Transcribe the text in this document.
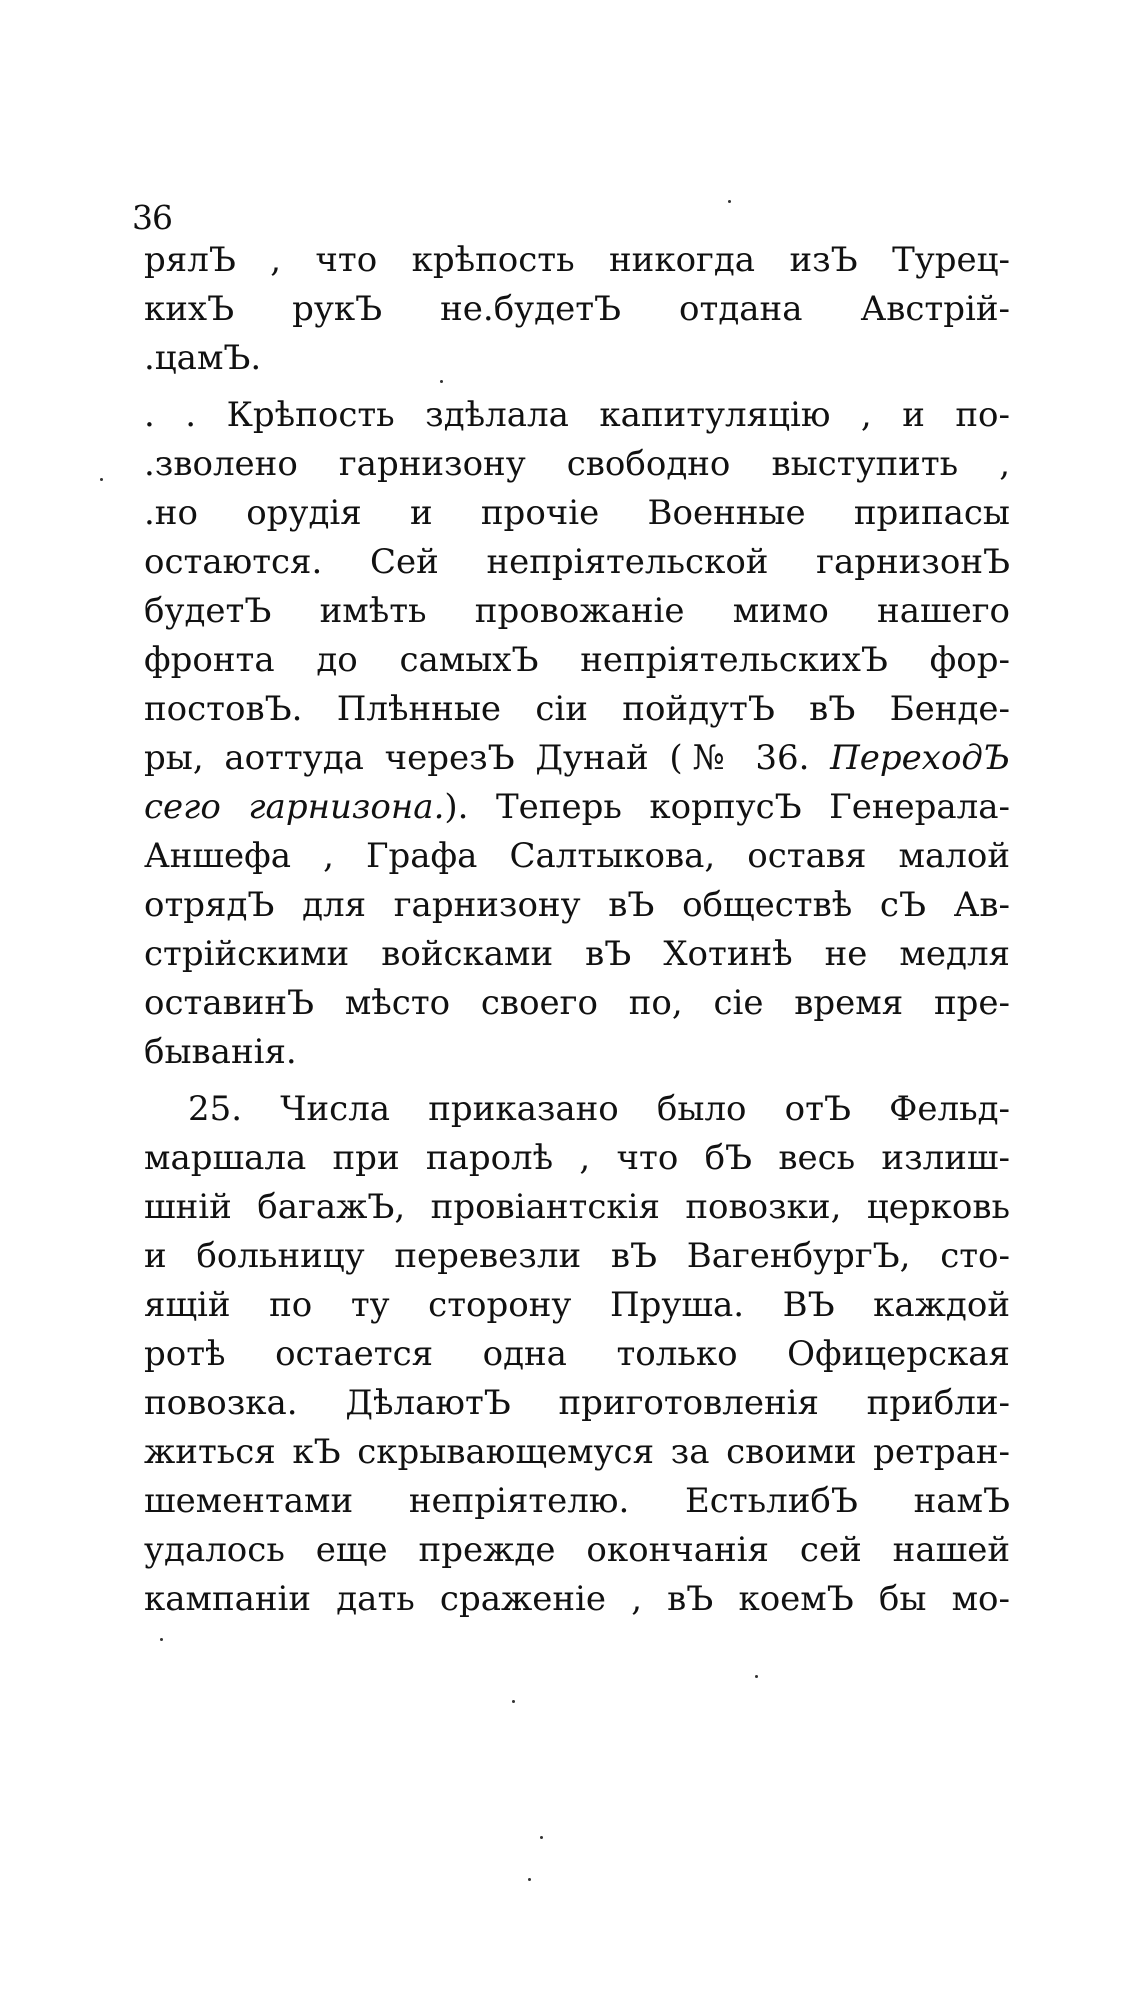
36
рялЪ , что крѣпость никогда изЪ Турец-
кихЪ рукЪ не.будетЪ отдана Австрій-
.цамЪ.
. . Крѣпость здѣлала капитуляцію , и по-
.зволено гарнизону свободно выступить ,
.но орудія и прочіе Военные припасы
остаются. Сей непріятельской гарнизонЪ
будетЪ имѣть провожаніе мимо нашего
фронта до самыхЪ непріятельскихЪ фор-
постовЪ. Плѣнные сіи пойдутЪ вЪ Бенде-
ры, аоттуда черезЪ Дунай (№ 36. ПереходЪ
сего гарнизона.). Теперь корпусЪ Генерала-
Аншефа , Графа Салтыкова, оставя малой
отрядЪ для гарнизону вЪ обществѣ сЪ Ав-
стрійскими войсками вЪ Хотинѣ не медля
оставинЪ мѣсто своего по, сіе время пре-
быванія.
25. Числа приказано было отЪ Фельд-
маршала при паролѣ , что бЪ весь излиш-
шній багажЪ, провіантскія повозки, церковь
и больницу перевезли вЪ ВагенбургЪ, сто-
ящій по ту сторону Пруша. ВЪ каждой
ротѣ остается одна только Офицерская
повозка. ДѣлаютЪ приготовленія прибли-
житься кЪ скрывающемуся за своими ретран-
шементами непріятелю. ЕстьлибЪ намЪ
удалось еще прежде окончанія сей нашей
кампаніи дать сраженіе , вЪ коемЪ бы мо-
